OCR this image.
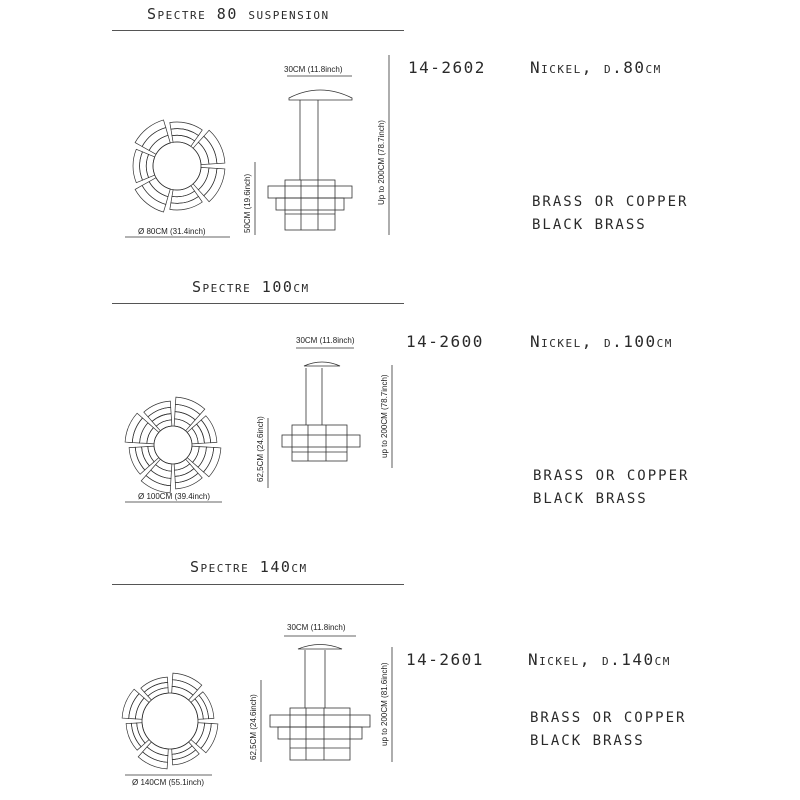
Spectre 80 suspension
14-2602	Nickel, d.80cm
BRASS OR COPPER
BLACK BRASS
Ø 80CM (31.4inch)
30CM (11.8inch)
Up to 200CM (78.7inch)
50CM (19.6inch)
Spectre 100cm
14-2600	Nickel, d.100cm
BRASS OR COPPER
BLACK BRASS
Ø 100CM (39.4inch)
30CM (11.8inch)
up to 200CM (78.7inch)
62,5CM (24.6inch)
Spectre 140cm
14-2601	Nickel, d.140cm
BRASS OR COPPER
BLACK BRASS
Ø 140CM (55.1inch)
30CM (11.8inch)
up to 200CM (81.6inch)
62,5CM (24.6inch)
